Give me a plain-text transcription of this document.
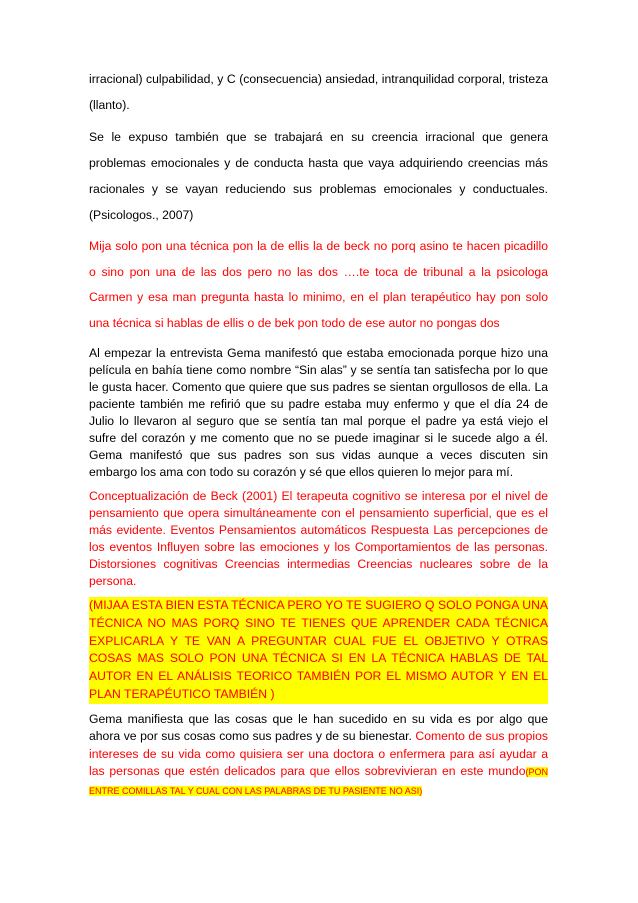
irracional) culpabilidad, y C (consecuencia) ansiedad, intranquilidad corporal, tristeza (llanto).

Se le expuso también que se trabajará en su creencia irracional que genera problemas emocionales y de conducta hasta que vaya adquiriendo creencias más racionales y se vayan reduciendo sus problemas emocionales y conductuales. (Psicologos., 2007)

Mija solo pon una técnica pon la de ellis la de beck no porq asino te hacen picadillo o sino pon una de las dos pero no las dos ….te toca de tribunal a la psicologa Carmen y esa man pregunta hasta lo minimo, en el plan terapéutico hay pon solo una técnica si hablas de ellis o de bek pon todo de ese autor no pongas dos

Al empezar la entrevista Gema manifestó que estaba emocionada porque hizo una película en bahía tiene como nombre “Sin alas” y se sentía tan satisfecha por lo que le gusta hacer. Comento que quiere que sus padres se sientan orgullosos de ella. La paciente también me refirió que su padre estaba muy enfermo y que el día 24 de Julio lo llevaron al seguro que se sentía tan mal porque el padre ya está viejo el sufre del corazón y me comento que no se puede imaginar si le sucede algo a él. Gema manifestó que sus padres son sus vidas aunque a veces discuten sin embargo los ama con todo su corazón y sé que ellos quieren lo mejor para mí.

Conceptualización de Beck (2001) El terapeuta cognitivo se interesa por el nivel de pensamiento que opera simultáneamente con el pensamiento superficial, que es el más evidente. Eventos Pensamientos automáticos Respuesta Las percepciones de los eventos Influyen sobre las emociones y los Comportamientos de las personas. Distorsiones cognitivas Creencias intermedias Creencias nucleares sobre de la persona.

(MIJAA ESTA BIEN ESTA TÉCNICA PERO YO TE SUGIERO Q SOLO PONGA UNA TÉCNICA NO MAS PORQ SINO TE TIENES QUE APRENDER CADA TÉCNICA EXPLICARLA Y TE VAN A PREGUNTAR CUAL FUE EL OBJETIVO Y OTRAS COSAS MAS SOLO PON UNA TÉCNICA SI EN LA TÉCNICA HABLAS DE TAL AUTOR EN EL ANÁLISIS TEORICO TAMBIÉN POR EL MISMO AUTOR Y EN EL PLAN TERAPÉUTICO TAMBIÉN )

Gema manifiesta que las cosas que le han sucedido en su vida es por algo que ahora ve por sus cosas como sus padres y de su bienestar. Comento de sus propios intereses de su vida como quisiera ser una doctora o enfermera para así ayudar a las personas que estén delicados para que ellos sobrevivieran en este mundo(PON ENTRE COMILLAS TAL Y CUAL CON LAS PALABRAS DE TU PASIENTE NO ASI)
